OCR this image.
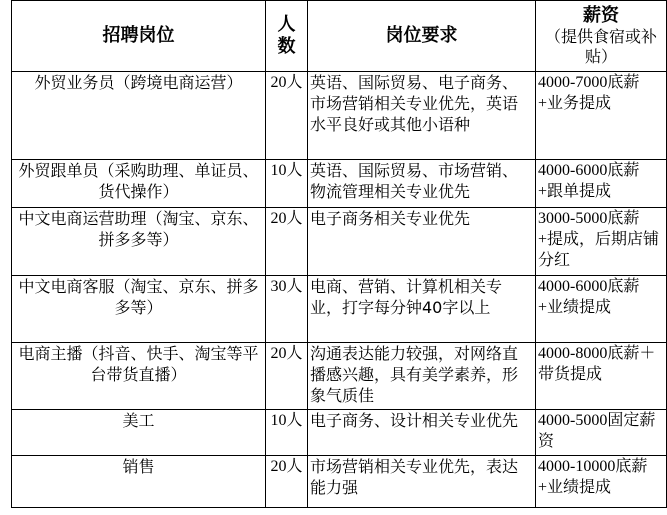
招聘岗位	人数	岗位要求	薪资
（提供食宿或补贴）

外贸业务员（跨境电商运营）	20人	英语、国际贸易、电子商务、市场营销相关专业优先，英语水平良好或其他小语种	4000-7000底薪+业务提成
外贸跟单员（采购助理、单证员、货代操作）	10人	英语、国际贸易、市场营销、物流管理相关专业优先	4000-6000底薪+跟单提成
中文电商运营助理（淘宝、京东、拼多多等）	20人	电子商务相关专业优先	3000-5000底薪+提成，后期店铺分红
中文电商客服（淘宝、京东、拼多多等）	30人	电商、营销、计算机相关专业，打字每分钟40字以上	4000-6000底薪+业绩提成
电商主播（抖音、快手、淘宝等平台带货直播）	20人	沟通表达能力较强，对网络直播感兴趣，具有美学素养，形象气质佳	4000-8000底薪＋带货提成
美工	10人	电子商务、设计相关专业优先	4000-5000固定薪资
销售	20人	市场营销相关专业优先，表达能力强	4000-10000底薪+业绩提成
